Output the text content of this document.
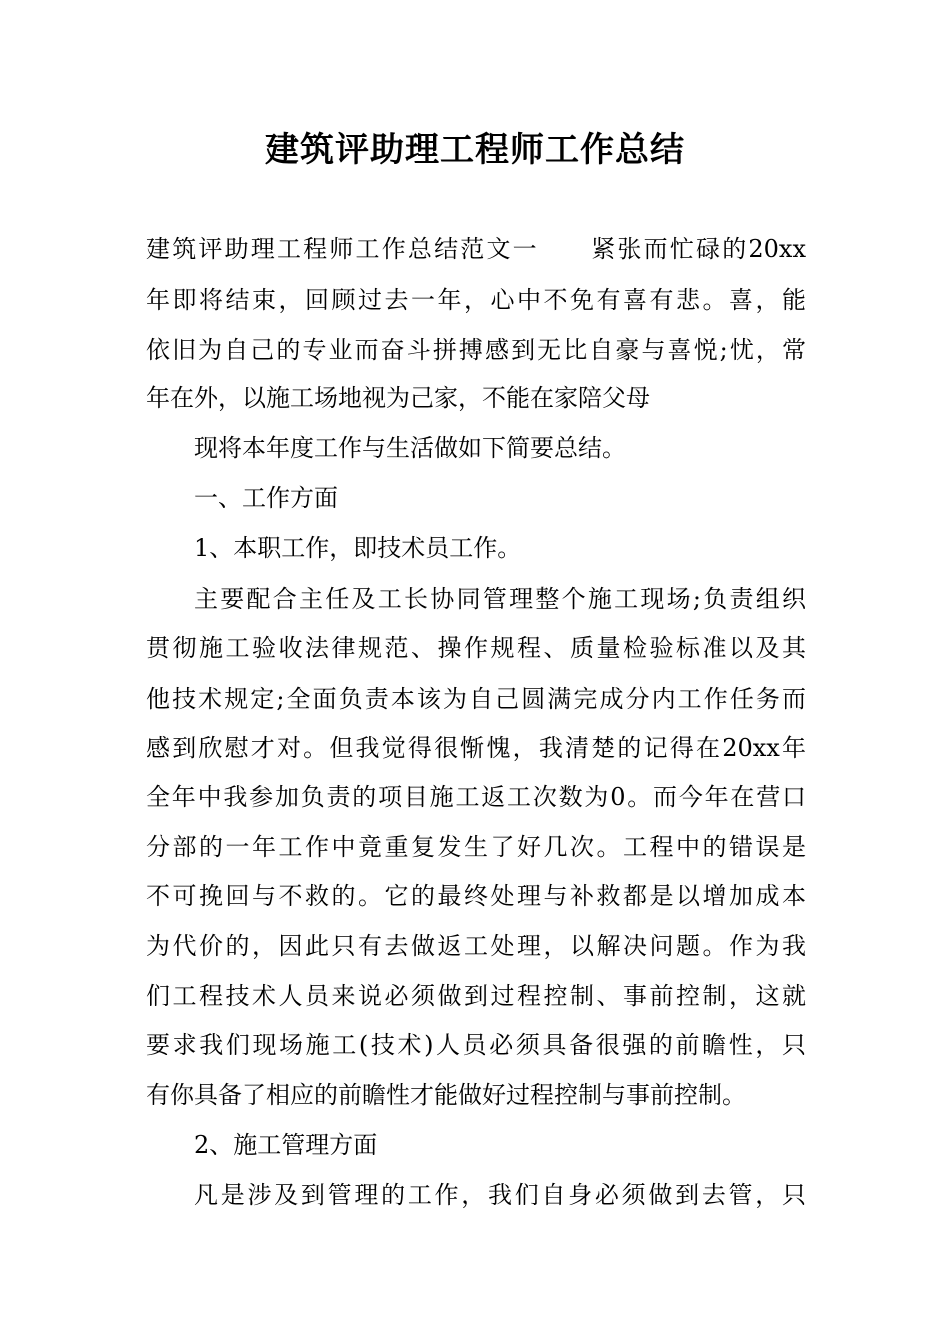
建筑评助理工程师工作总结
建筑评助理工程师工作总结范文一　　紧张而忙碌的20xx
年即将结束，回顾过去一年，心中不免有喜有悲。喜，能
依旧为自己的专业而奋斗拼搏感到无比自豪与喜悦;忧，常
年在外，以施工场地视为己家，不能在家陪父母
现将本年度工作与生活做如下简要总结。
一、工作方面
1、本职工作，即技术员工作。
主要配合主任及工长协同管理整个施工现场;负责组织
贯彻施工验收法律规范、操作规程、质量检验标准以及其
他技术规定;全面负责本该为自己圆满完成分内工作任务而
感到欣慰才对。但我觉得很惭愧，我清楚的记得在20xx年
全年中我参加负责的项目施工返工次数为0。而今年在营口
分部的一年工作中竟重复发生了好几次。工程中的错误是
不可挽回与不救的。它的最终处理与补救都是以增加成本
为代价的，因此只有去做返工处理，以解决问题。作为我
们工程技术人员来说必须做到过程控制、事前控制，这就
要求我们现场施工(技术)人员必须具备很强的前瞻性，只
有你具备了相应的前瞻性才能做好过程控制与事前控制。
2、施工管理方面
凡是涉及到管理的工作，我们自身必须做到去管，只
